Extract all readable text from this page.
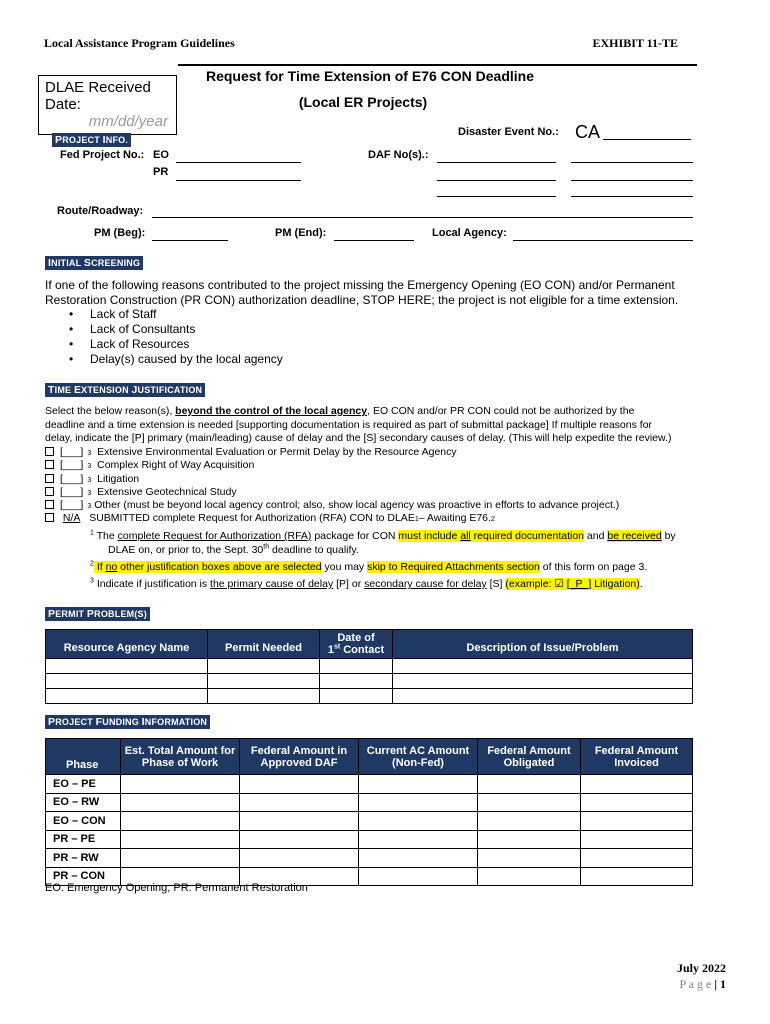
Local Assistance Program Guidelines	EXHIBIT 11-TE
DLAE Received
Date:
mm/dd/year
Request for Time Extension of E76 CON Deadline
(Local ER Projects)
PROJECT INFO.
Disaster Event No.: CA
Fed Project No.: EO
PR
DAF No(s).:
Route/Roadway:
PM (Beg):	PM (End):	Local Agency:
INITIAL SCREENING
If one of the following reasons contributed to the project missing the Emergency Opening (EO CON) and/or Permanent
Restoration Construction (PR CON) authorization deadline, STOP HERE; the project is not eligible for a time extension.
• Lack of Staff
• Lack of Consultants
• Lack of Resources
• Delay(s) caused by the local agency
TIME EXTENSION JUSTIFICATION
Select the below reason(s), beyond the control of the local agency, EO CON and/or PR CON could not be authorized by the
deadline and a time extension is needed [supporting documentation is required as part of submittal package] If multiple reasons for
delay, indicate the [P] primary (main/leading) cause of delay and the [S] secondary causes of delay. (This will help expedite the review.)
[___] 3
Extensive Environmental Evaluation or Permit Delay by the Resource Agency
[___] 3
Complex Right of Way Acquisition
[___] 3
Litigation
[___] 3
Extensive Geotechnical Study
[___] 3
Other (must be beyond local agency control; also, show local agency was proactive in efforts to advance project.)

N/A
SUBMITTED complete Request for Authorization (RFA) CON to DLAE 1 – Awaiting E76. 2
$^1$ The complete Request for Authorization (RFA) package for CON must include all required documentation and be received by
DLAE on, or prior to, the Sept. 30th deadline to qualify.
$^2$ If no other justification boxes above are selected you may skip to Required Attachments section of this form on page 3.
$^3$ Indicate if justification is the primary cause of delay [P] or secondary cause for delay [S] (example: ☑ [_P_] Litigation).
PERMIT PROBLEM(S)
Resource Agency Name	Permit Needed	Date of
1st Contact	Description of Issue/Problem

PROJECT FUNDING INFORMATION
Phase	Est. Total Amount for Phase of Work	Federal Amount in Approved DAF	Current AC Amount (Non-Fed)	Federal Amount Obligated	Federal Amount Invoiced
EO – PE					
EO – RW					
EO – CON					
PR – PE					
PR – RW					
PR – CON					
EO: Emergency Opening; PR: Permanent Restoration
July 2022
P a g e | 1
